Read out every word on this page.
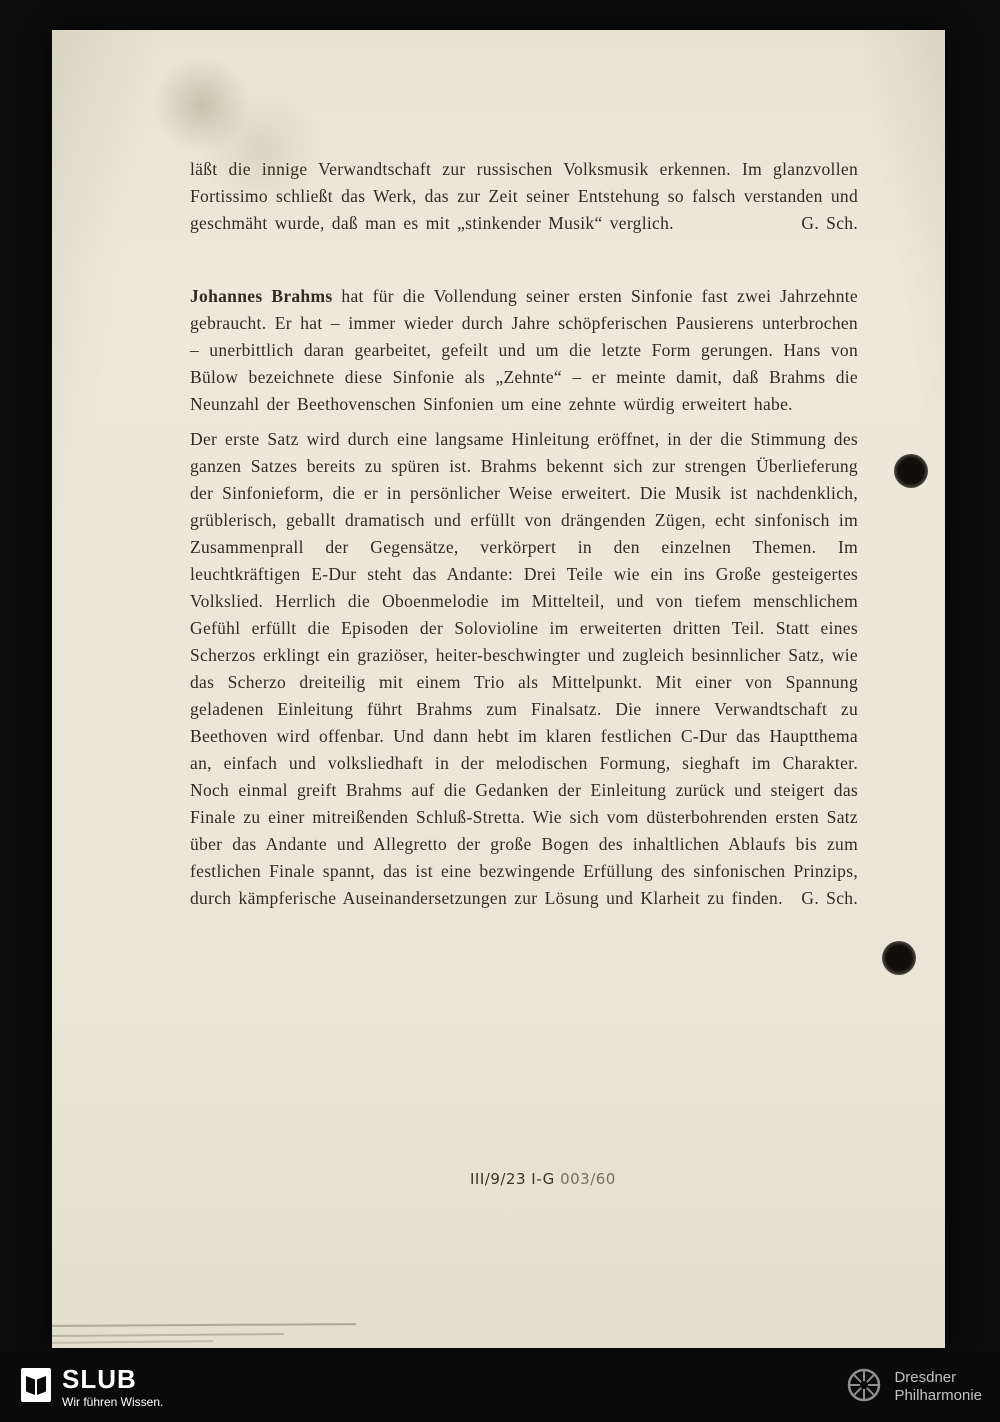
läßt die innige Verwandtschaft zur russischen Volksmusik erkennen. Im glanzvollen Fortissimo schließt das Werk, das zur Zeit seiner Entstehung so falsch verstanden und geschmäht wurde, daß man es mit „stinkender Musik“ verglich.	G. Sch.

Johannes Brahms hat für die Vollendung seiner ersten Sinfonie fast zwei Jahrzehnte gebraucht. Er hat – immer wieder durch Jahre schöpferischen Pausierens unterbrochen – unerbittlich daran gearbeitet, gefeilt und um die letzte Form gerungen. Hans von Bülow bezeichnete diese Sinfonie als „Zehnte“ – er meinte damit, daß Brahms die Neunzahl der Beethovenschen Sinfonien um eine zehnte würdig erweitert habe.

Der erste Satz wird durch eine langsame Hinleitung eröffnet, in der die Stimmung des ganzen Satzes bereits zu spüren ist. Brahms bekennt sich zur strengen Überlieferung der Sinfonieform, die er in persönlicher Weise erweitert. Die Musik ist nachdenklich, grüblerisch, geballt dramatisch und erfüllt von drängenden Zügen, echt sinfonisch im Zusammenprall der Gegensätze, verkörpert in den einzelnen Themen. Im leuchtkräftigen E-Dur steht das Andante: Drei Teile wie ein ins Große gesteigertes Volkslied. Herrlich die Oboenmelodie im Mittelteil, und von tiefem menschlichem Gefühl erfüllt die Episoden der Solovioline im erweiterten dritten Teil. Statt eines Scherzos erklingt ein graziöser, heiter-beschwingter und zugleich besinnlicher Satz, wie das Scherzo dreiteilig mit einem Trio als Mittelpunkt. Mit einer von Spannung geladenen Einleitung führt Brahms zum Finalsatz. Die innere Verwandtschaft zu Beethoven wird offenbar. Und dann hebt im klaren festlichen C-Dur das Hauptthema an, einfach und volksliedhaft in der melodischen Formung, sieghaft im Charakter. Noch einmal greift Brahms auf die Gedanken der Einleitung zurück und steigert das Finale zu einer mitreißenden Schluß-Stretta. Wie sich vom düsterbohrenden ersten Satz über das Andante und Allegretto der große Bogen des inhaltlichen Ablaufs bis zum festlichen Finale spannt, das ist eine bezwingende Erfüllung des sinfonischen Prinzips, durch kämpferische Auseinandersetzungen zur Lösung und Klarheit zu finden. G. Sch.

III/9/23 I-G 003/60
SLUB
Wir führen Wissen.
Dresdner
Philharmonie
